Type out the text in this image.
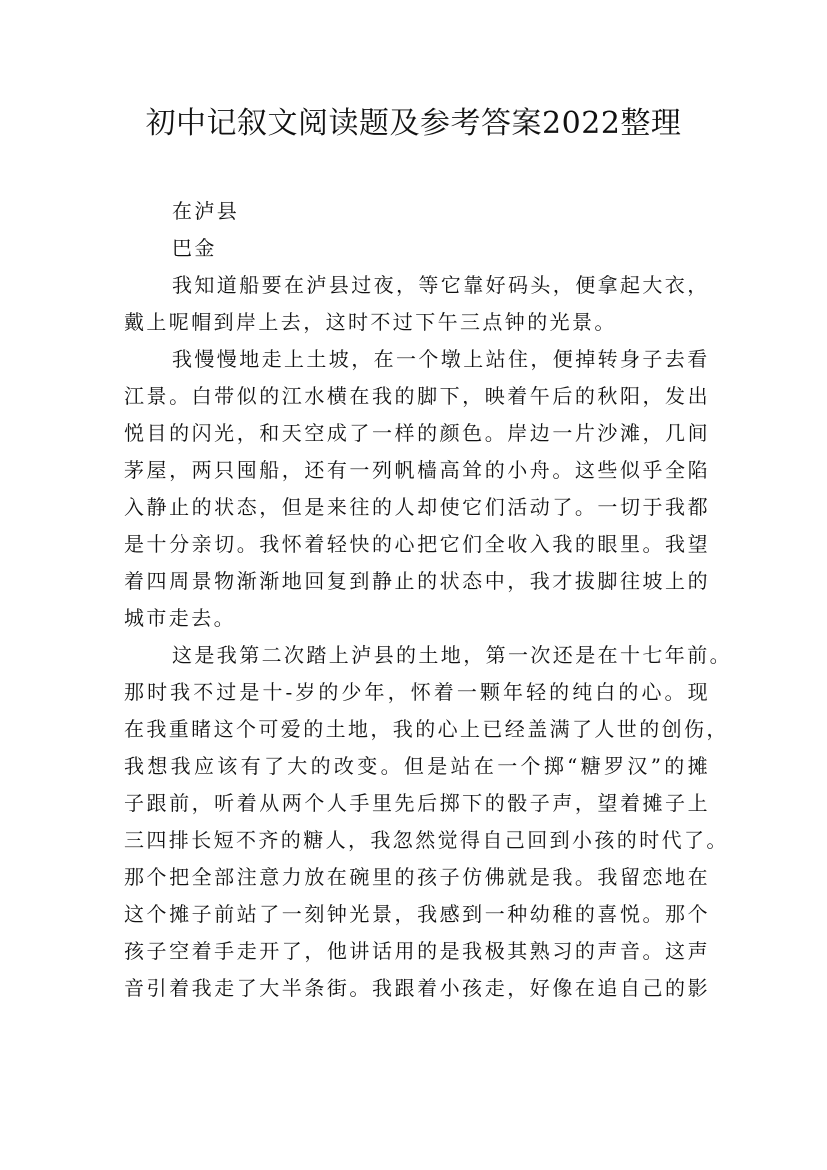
初中记叙文阅读题及参考答案2022整理
在泸县
巴金
我知道船要在泸县过夜，等它靠好码头，便拿起大衣，
戴上呢帽到岸上去，这时不过下午三点钟的光景。
我慢慢地走上土坡，在一个墩上站住，便掉转身子去看
江景。白带似的江水横在我的脚下，映着午后的秋阳，发出
悦目的闪光，和天空成了一样的颜色。岸边一片沙滩，几间
茅屋，两只囤船，还有一列帆樯高耸的小舟。这些似乎全陷
入静止的状态，但是来往的人却使它们活动了。一切于我都
是十分亲切。我怀着轻快的心把它们全收入我的眼里。我望
着四周景物渐渐地回复到静止的状态中，我才拔脚往坡上的
城市走去。
这是我第二次踏上泸县的土地，第一次还是在十七年前。
那时我不过是十-岁的少年，怀着一颗年轻的纯白的心。现
在我重睹这个可爱的土地，我的心上已经盖满了人世的创伤，
我想我应该有了大的改变。但是站在一个掷“糖罗汉”的摊
子跟前，听着从两个人手里先后掷下的骰子声，望着摊子上
三四排长短不齐的糖人，我忽然觉得自己回到小孩的时代了。
那个把全部注意力放在碗里的孩子仿佛就是我。我留恋地在
这个摊子前站了一刻钟光景，我感到一种幼稚的喜悦。那个
孩子空着手走开了，他讲话用的是我极其熟习的声音。这声
音引着我走了大半条街。我跟着小孩走，好像在追自己的影
